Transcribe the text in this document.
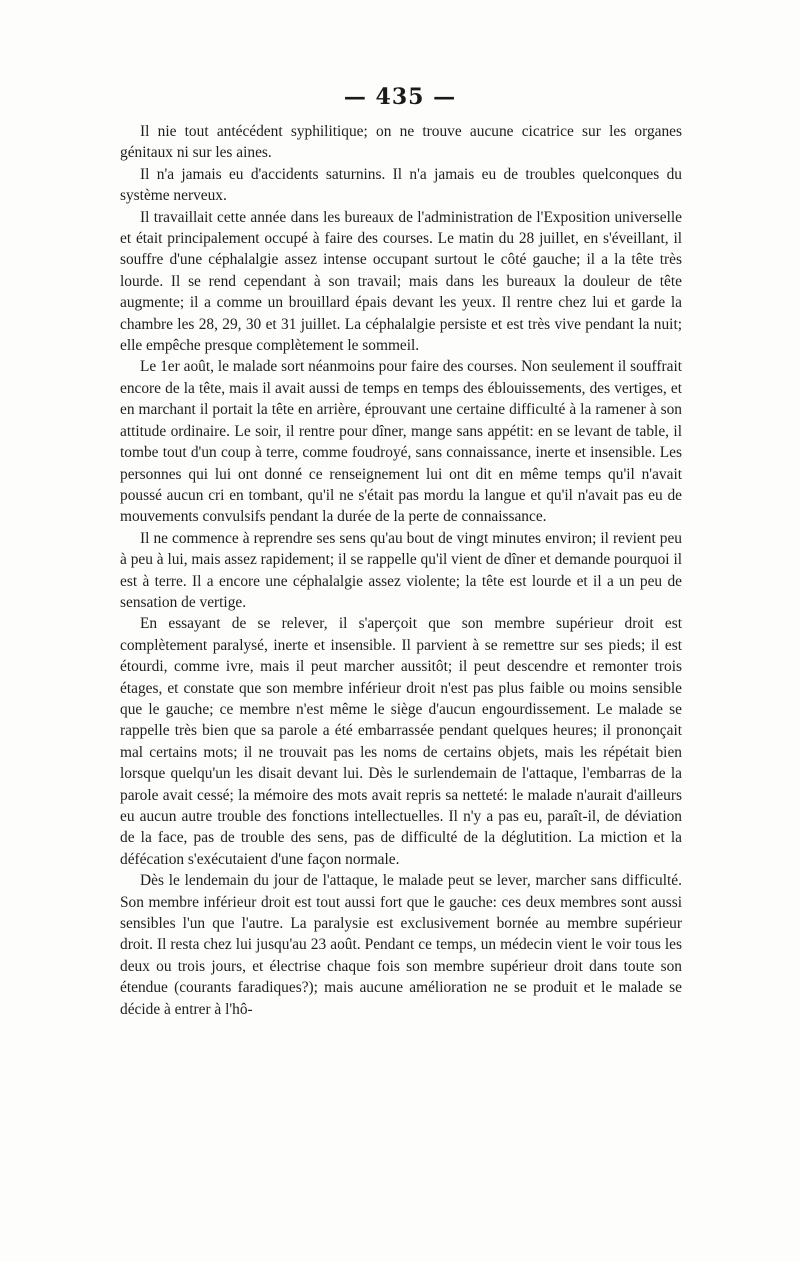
— 435 —

Il nie tout antécédent syphilitique; on ne trouve aucune cicatrice sur les organes génitaux ni sur les aines.

Il n'a jamais eu d'accidents saturnins. Il n'a jamais eu de troubles quelconques du système nerveux.

Il travaillait cette année dans les bureaux de l'administration de l'Exposition universelle et était principalement occupé à faire des courses. Le matin du 28 juillet, en s'éveillant, il souffre d'une céphalalgie assez intense occupant surtout le côté gauche; il a la tête très lourde. Il se rend cependant à son travail; mais dans les bureaux la douleur de tête augmente; il a comme un brouillard épais devant les yeux. Il rentre chez lui et garde la chambre les 28, 29, 30 et 31 juillet. La céphalalgie persiste et est très vive pendant la nuit; elle empêche presque complètement le sommeil.

Le 1er août, le malade sort néanmoins pour faire des courses. Non seulement il souffrait encore de la tête, mais il avait aussi de temps en temps des éblouissements, des vertiges, et en marchant il portait la tête en arrière, éprouvant une certaine difficulté à la ramener à son attitude ordinaire. Le soir, il rentre pour dîner, mange sans appétit: en se levant de table, il tombe tout d'un coup à terre, comme foudroyé, sans connaissance, inerte et insensible. Les personnes qui lui ont donné ce renseignement lui ont dit en même temps qu'il n'avait poussé aucun cri en tombant, qu'il ne s'était pas mordu la langue et qu'il n'avait pas eu de mouvements convulsifs pendant la durée de la perte de connaissance.

Il ne commence à reprendre ses sens qu'au bout de vingt minutes environ; il revient peu à peu à lui, mais assez rapidement; il se rappelle qu'il vient de dîner et demande pourquoi il est à terre. Il a encore une céphalalgie assez violente; la tête est lourde et il a un peu de sensation de vertige.

En essayant de se relever, il s'aperçoit que son membre supérieur droit est complètement paralysé, inerte et insensible. Il parvient à se remettre sur ses pieds; il est étourdi, comme ivre, mais il peut marcher aussitôt; il peut descendre et remonter trois étages, et constate que son membre inférieur droit n'est pas plus faible ou moins sensible que le gauche; ce membre n'est même le siège d'aucun engourdissement. Le malade se rappelle très bien que sa parole a été embarrassée pendant quelques heures; il prononçait mal certains mots; il ne trouvait pas les noms de certains objets, mais les répétait bien lorsque quelqu'un les disait devant lui. Dès le surlendemain de l'attaque, l'embarras de la parole avait cessé; la mémoire des mots avait repris sa netteté: le malade n'aurait d'ailleurs eu aucun autre trouble des fonctions intellectuelles. Il n'y a pas eu, paraît-il, de déviation de la face, pas de trouble des sens, pas de difficulté de la déglutition. La miction et la défécation s'exécutaient d'une façon normale.

Dès le lendemain du jour de l'attaque, le malade peut se lever, marcher sans difficulté. Son membre inférieur droit est tout aussi fort que le gauche: ces deux membres sont aussi sensibles l'un que l'autre. La paralysie est exclusivement bornée au membre supérieur droit. Il resta chez lui jusqu'au 23 août. Pendant ce temps, un médecin vient le voir tous les deux ou trois jours, et électrise chaque fois son membre supérieur droit dans toute son étendue (courants faradiques?); mais aucune amélioration ne se produit et le malade se décide à entrer à l'hô-
